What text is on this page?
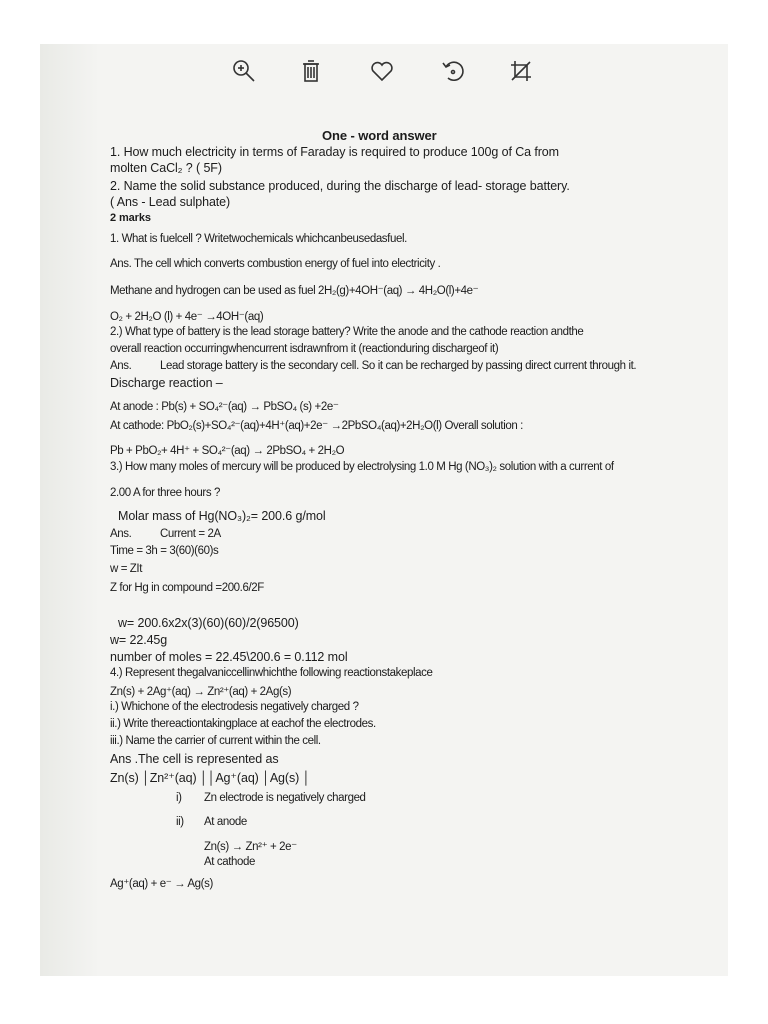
One - word answer
1. How much electricity in terms of Faraday is required to produce 100g of Ca from
molten CaCl₂ ? ( 5F)
2. Name the solid substance produced, during the discharge of lead- storage battery.
( Ans - Lead sulphate)
2 marks
1. What is fuelcell ? Writetwochemicals whichcanbeusedasfuel.
Ans. The cell which converts combustion energy of fuel into electricity .
Methane and hydrogen can be used as fuel 2H₂(g)+4OH⁻(aq) → 4H₂O(l)+4e⁻
O₂ + 2H₂O (l) + 4e⁻ →4OH⁻(aq)
2.) What type of battery is the lead storage battery? Write the anode and the cathode reaction andthe
overall reaction occurringwhencurrent isdrawnfrom it (reactionduring dischargeof it)
Ans. Lead storage battery is the secondary cell. So it can be recharged by passing direct current through it.
Discharge reaction –
At anode : Pb(s) + SO₄²⁻(aq) → PbSO₄ (s) +2e⁻
At cathode: PbO₂(s)+SO₄²⁻(aq)+4H⁺(aq)+2e⁻ →2PbSO₄(aq)+2H₂O(l) Overall solution :
Pb + PbO₂+ 4H⁺ + SO₄²⁻(aq) → 2PbSO₄ + 2H₂O
3.) How many moles of mercury will be produced by electrolysing 1.0 M Hg (NO₃)₂ solution with a current of
2.00 A for three hours ?
Molar mass of Hg(NO₃)₂= 200.6 g/mol
Ans. Current = 2A
Time = 3h = 3(60)(60)s
w = ZIt
Z for Hg in compound =200.6/2F
w= 200.6x2x(3)(60)(60)/2(96500)
w= 22.45g
number of moles = 22.45\200.6 = 0.112 mol
4.) Represent thegalvaniccellinwhichthe following reactionstakeplace
Zn(s) + 2Ag⁺(aq) → Zn²⁺(aq) + 2Ag(s)
i.) Whichone of the electrodesis negatively charged ?
ii.) Write thereactiontakingplace at eachof the electrodes.
iii.) Name the carrier of current within the cell.
Ans .The cell is represented as
Zn(s) │Zn²⁺(aq) ││Ag⁺(aq) │Ag(s) │
i) Zn electrode is negatively charged
ii) At anode
Zn(s) → Zn²⁺ + 2e⁻
At cathode
Ag⁺(aq) + e⁻ → Ag(s)
